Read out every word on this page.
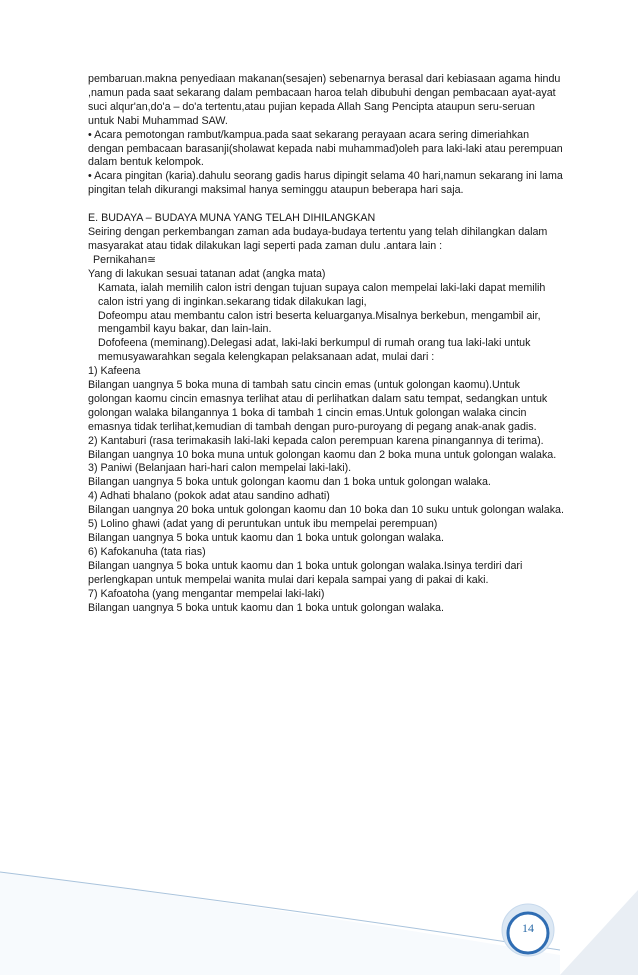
14

pembaruan.makna penyediaan makanan(sesajen) sebenarnya berasal dari kebiasaan agama hindu ,namun pada saat sekarang dalam pembacaan haroa telah dibubuhi dengan pembacaan ayat-ayat suci alqur'an,do'a – do'a tertentu,atau pujian kepada Allah Sang Pencipta ataupun seru-seruan untuk Nabi Muhammad SAW.

• Acara pemotongan rambut/kampua.pada saat sekarang perayaan acara sering dimeriahkan dengan pembacaan barasanji(sholawat kepada nabi muhammad)oleh para laki-laki atau perempuan dalam bentuk kelompok.

• Acara pingitan (karia).dahulu seorang gadis harus dipingit selama 40 hari,namun sekarang ini lama pingitan telah dikurangi maksimal hanya seminggu ataupun beberapa hari saja.

E. BUDAYA – BUDAYA MUNA YANG TELAH DIHILANGKAN

Seiring dengan perkembangan zaman ada budaya-budaya tertentu yang telah dihilangkan dalam masyarakat atau tidak dilakukan lagi seperti pada zaman dulu .antara lain :

Pernikahan≅

Yang di lakukan sesuai tatanan adat (angka mata)

Kamata, ialah memilih calon istri dengan tujuan supaya calon mempelai laki-laki dapat memilih calon istri yang di inginkan.sekarang tidak dilakukan lagi,

Dofeompu atau membantu calon istri beserta keluarganya.Misalnya berkebun, mengambil air, mengambil kayu bakar, dan lain-lain.

Dofofeena (meminang).Delegasi adat, laki-laki berkumpul di rumah orang tua laki-laki untuk memusyawarahkan segala kelengkapan pelaksanaan adat, mulai dari :

1) Kafeena

Bilangan uangnya 5 boka muna di tambah satu cincin emas (untuk golongan kaomu).Untuk golongan kaomu cincin emasnya terlihat atau di perlihatkan dalam satu tempat, sedangkan untuk golongan walaka bilangannya 1 boka di tambah 1 cincin emas.Untuk golongan walaka cincin emasnya tidak terlihat,kemudian di tambah dengan puro-puroyang di pegang anak-anak gadis.

2) Kantaburi (rasa terimakasih laki-laki kepada calon perempuan karena pinangannya di terima).

Bilangan uangnya 10 boka muna untuk golongan kaomu dan 2 boka muna untuk golongan walaka.

3) Paniwi (Belanjaan hari-hari calon mempelai laki-laki).

Bilangan uangnya 5 boka untuk golongan kaomu dan 1 boka untuk golongan walaka.

4) Adhati bhalano (pokok adat atau sandino adhati)

Bilangan uangnya 20 boka untuk golongan kaomu dan 10 boka dan 10 suku untuk golongan walaka.

5) Lolino ghawi (adat yang di peruntukan untuk ibu mempelai perempuan)

Bilangan uangnya 5 boka untuk kaomu dan 1 boka untuk golongan walaka.

6) Kafokanuha (tata rias)

Bilangan uangnya 5 boka untuk kaomu dan 1 boka untuk golongan walaka.Isinya terdiri dari perlengkapan untuk mempelai wanita mulai dari kepala sampai yang di pakai di kaki.

7) Kafoatoha (yang mengantar mempelai laki-laki)

Bilangan uangnya 5 boka untuk kaomu dan 1 boka untuk golongan walaka.
